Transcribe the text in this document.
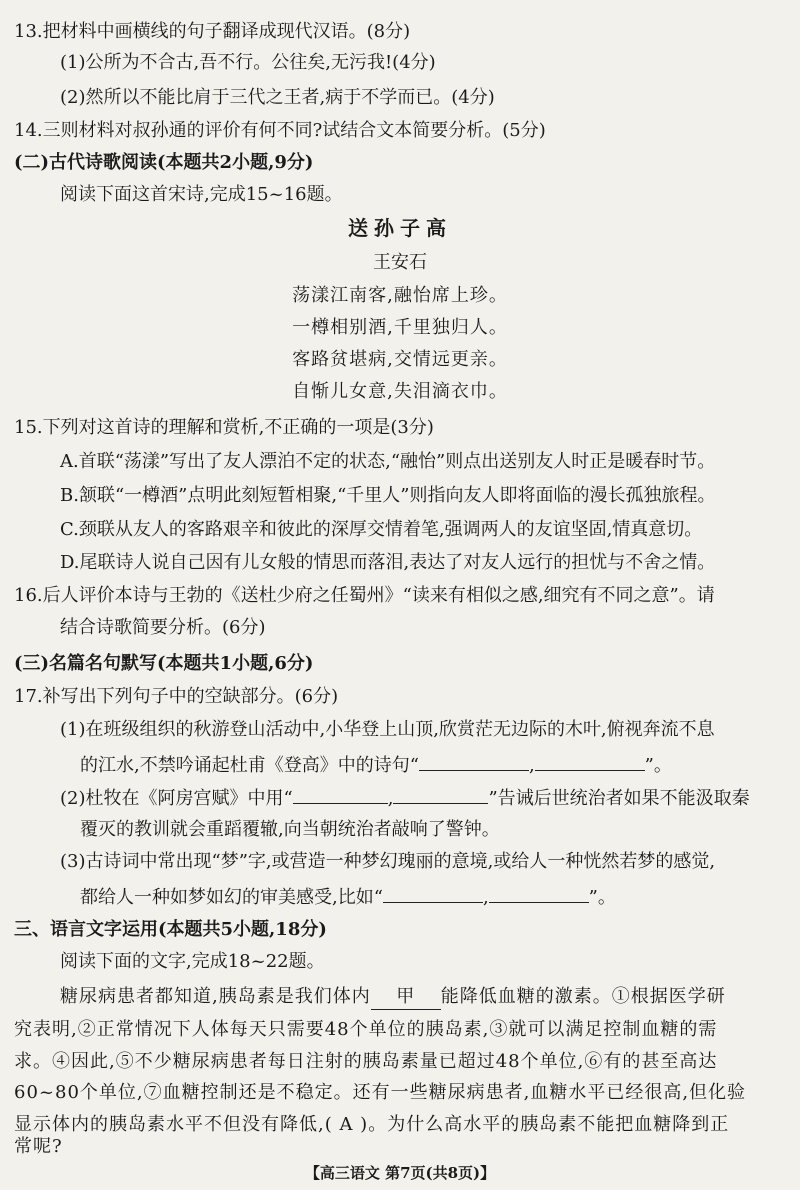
13.把材料中画横线的句子翻译成现代汉语。(8分)
(1)公所为不合古,吾不行。公往矣,无污我!(4分)
(2)然所以不能比肩于三代之王者,病于不学而已。(4分)
14.三则材料对叔孙通的评价有何不同?试结合文本简要分析。(5分)
(二)古代诗歌阅读(本题共2小题,9分)
阅读下面这首宋诗,完成15~16题。
送孙子高
王安石
荡漾江南客,融怡席上珍。
一樽相别酒,千里独归人。
客路贫堪病,交情远更亲。
自惭儿女意,失泪滴衣巾。
15.下列对这首诗的理解和赏析,不正确的一项是(3分)
A.首联“荡漾”写出了友人漂泊不定的状态,“融怡”则点出送别友人时正是暖春时节。
B.颔联“一樽酒”点明此刻短暂相聚,“千里人”则指向友人即将面临的漫长孤独旅程。
C.颈联从友人的客路艰辛和彼此的深厚交情着笔,强调两人的友谊坚固,情真意切。
D.尾联诗人说自己因有儿女般的情思而落泪,表达了对友人远行的担忧与不舍之情。
16.后人评价本诗与王勃的《送杜少府之任蜀州》“读来有相似之感,细究有不同之意”。请
结合诗歌简要分析。(6分)
(三)名篇名句默写(本题共1小题,6分)
17.补写出下列句子中的空缺部分。(6分)
(1)在班级组织的秋游登山活动中,小华登上山顶,欣赏茫无边际的木叶,俯视奔流不息
的江水,不禁吟诵起杜甫《登高》中的诗句“	,	”。
(2)杜牧在《阿房宫赋》中用“	,	”告诫后世统治者如果不能汲取秦
覆灭的教训就会重蹈覆辙,向当朝统治者敲响了警钟。
(3)古诗词中常出现“梦”字,或营造一种梦幻瑰丽的意境,或给人一种恍然若梦的感觉,
都给人一种如梦如幻的审美感受,比如“	,	”。
三、语言文字运用(本题共5小题,18分)
阅读下面的文字,完成18~22题。
糖尿病患者都知道,胰岛素是我们体内 甲 能降低血糖的激素。①根据医学研
究表明,②正常情况下人体每天只需要48个单位的胰岛素,③就可以满足控制血糖的需
求。④因此,⑤不少糖尿病患者每日注射的胰岛素量已超过48个单位,⑥有的甚至高达
60~80个单位,⑦血糖控制还是不稳定。还有一些糖尿病患者,血糖水平已经很高,但化验
显示体内的胰岛素水平不但没有降低,( A )。为什么高水平的胰岛素不能把血糖降到正
常呢?
【高三语文 第7页(共8页)】
